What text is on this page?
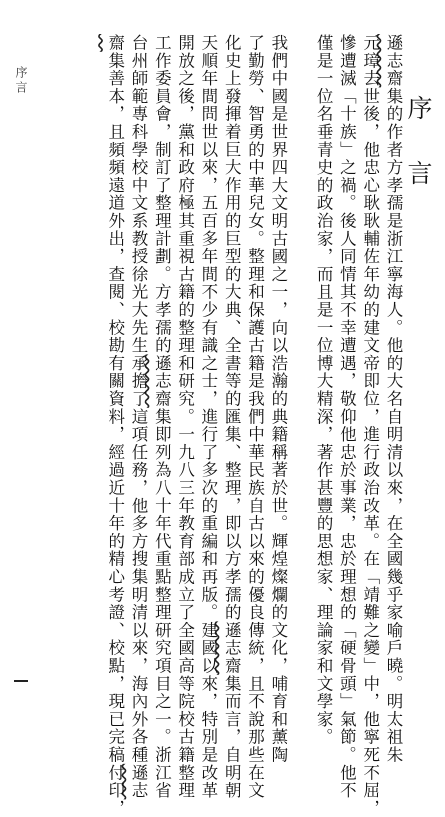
序言
遜志齋集的作者方孝孺是浙江寧海人。他的大名自明清以來，在全國幾乎家喻戶曉。明太祖朱
元璋去世後，他忠心耿耿輔佐年幼的建文帝即位，進行政治改革。在「靖難之變」中，他寧死不屈，
慘遭滅「十族」之禍。後人同情其不幸遭遇，敬仰他忠於事業，忠於理想的「硬骨頭」氣節。他不
僅是一位名垂青史的政治家，而且是一位博大精深，著作甚豐的思想家、理論家和文學家。
我們中國是世界四大文明古國之一，向以浩瀚的典籍稱著於世。輝煌燦爛的文化，哺育和薰陶
了勤勞、智勇的中華兒女。整理和保護古籍是我們中華民族自古以來的優良傳統，且不說那些在文
化史上發揮着巨大作用的巨型的大典、全書等的匯集、整理，即以方孝孺的遜志齋集而言，自明朝
天順年間問世以來，五百多年間不少有識之士，進行了多次的重編和再版。建國以來，特別是改革
開放之後，黨和政府極其重視古籍的整理和研究。一九八三年教育部成立了全國高等院校古籍整理
工作委員會，制訂了整理計劃。方孝孺的遜志齋集即列為八十年代重點整理研究項目之一。浙江省
台州師範專科學校中文系教授徐光大先生承擔了這項任務，他多方搜集明清以來，海內外各種遜志
齋集善本，且頻頻遠道外出，查閱、校勘有關資料，經過近十年的精心考證、校點，現已完稿付印，
序言
